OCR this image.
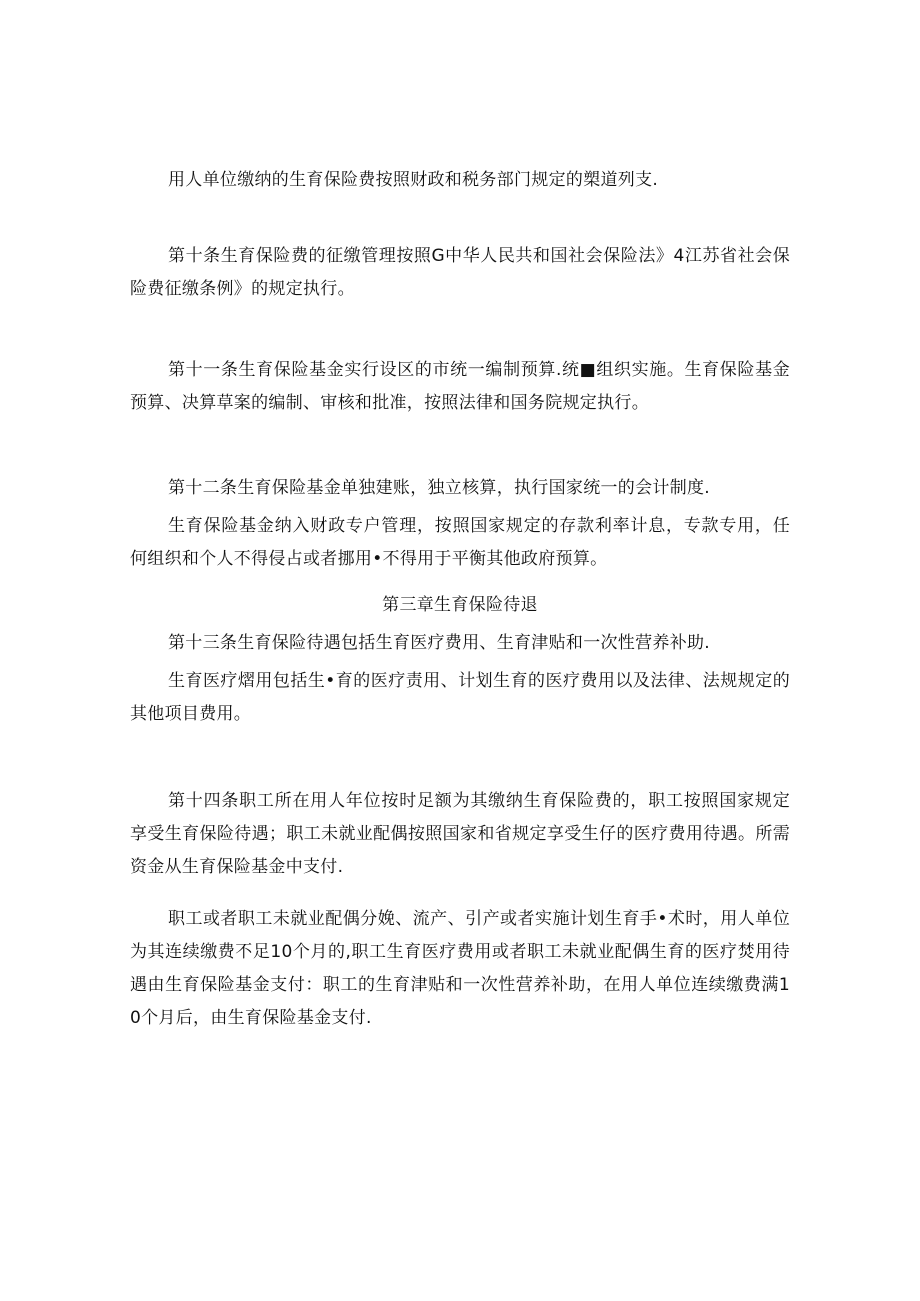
用人单位缴纳的生育保险费按照财政和税务部门规定的槊道列支.

第十条生育保险费的征缴管理按照G中华人民共和国社会保险法》4江苏省社会保险费征缴条例》的规定执行。

第十一条生育保险基金实行设区的市统一编制预算.统■组织实施。生育保险基金预算、决算草案的编制、审核和批准，按照法律和国务院规定执行。

第十二条生育保险基金单独建账，独立核算，执行国家统一的会计制度.

生育保险基金纳入财政专户管理，按照国家规定的存款利率计息，专款专用，任何组织和个人不得侵占或者挪用•不得用于平衡其他政府预算。

第三章生育保险待退

第十三条生育保险待遇包括生育医疗费用、生育津贴和一次性营养补助.

生育医疗熠用包括生•育的医疗责用、计划生育的医疗费用以及法律、法规规定的其他项目费用。

第十四条职工所在用人年位按时足额为其缴纳生育保险费的，职工按照国家规定享受生育保险待遇；职工未就业配偶按照国家和省规定享受生仔的医疗费用待遇。所需资金从生育保险基金中支付.

职工或者职工未就业配偶分娩、流产、引产或者实施计划生育手•术时，用人单位为其连续缴费不足10个月的,职工生育医疗费用或者职工未就业配偶生育的医疗焚用待遇由生育保险基金支付：职工的生育津贴和一次性营养补助，在用人单位连续缴费满10个月后，由生育保险基金支付.
